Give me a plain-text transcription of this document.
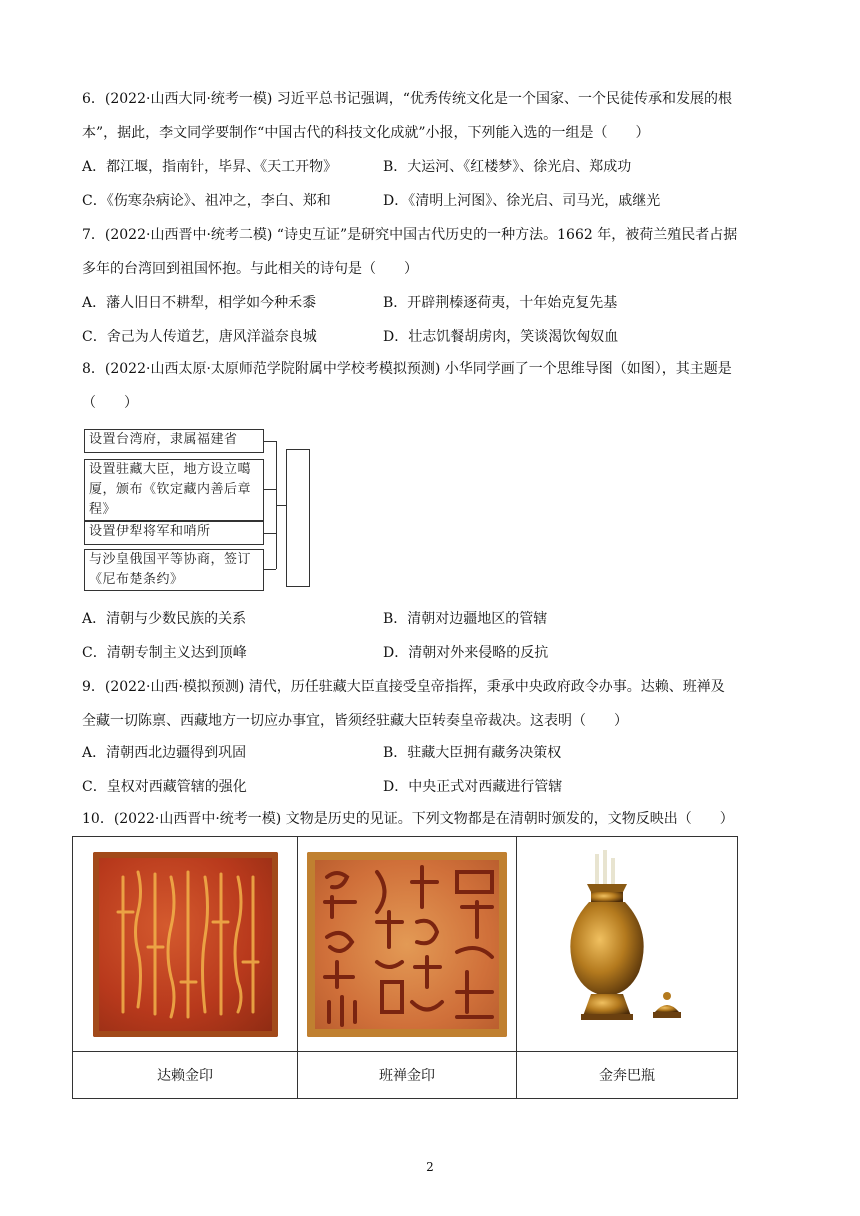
6．(2022·山西大同·统考一模) 习近平总书记强调，“优秀传统文化是一个国家、一个民徒传承和发展的根
本”，据此，李文同学要制作“中国古代的科技文化成就”小报，下列能入选的一组是（　　）
A．都江堰，指南针，毕昇、《天工开物》	B．大运河、《红楼梦》、徐光启、郑成功
C．《伤寒杂病论》、祖冲之，李白、郑和	D．《清明上河图》、徐光启、司马光，戚继光
7．(2022·山西晋中·统考二模) “诗史互证”是研究中国古代历史的一种方法。1662 年，被荷兰殖民者占据
多年的台湾回到祖国怀抱。与此相关的诗句是（　　）
A．藩人旧日不耕犁，相学如今种禾黍	B．开辟荆榛逐荷夷，十年始克复先基
C．舍己为人传道艺，唐风洋溢奈良城	D．壮志饥餐胡虏肉，笑谈渴饮匈奴血
8．(2022·山西太原·太原师范学院附属中学校考模拟预测) 小华同学画了一个思维导图（如图），其主题是
（　　）
设置台湾府，隶属福建省
设置驻藏大臣，地方设立噶厦，颁布《钦定藏内善后章程》
设置伊犁将军和哨所
与沙皇俄国平等协商，签订《尼布楚条约》
A．清朝与少数民族的关系	B．清朝对边疆地区的管辖
C．清朝专制主义达到顶峰	D．清朝对外来侵略的反抗
9．(2022·山西·模拟预测) 清代，历任驻藏大臣直接受皇帝指挥，秉承中央政府政令办事。达赖、班禅及
全藏一切陈禀、西藏地方一切应办事宜，皆须经驻藏大臣转奏皇帝裁决。这表明（　　）
A．清朝西北边疆得到巩固	B．驻藏大臣拥有藏务决策权
C．皇权对西藏管辖的强化	D．中央正式对西藏进行管辖
10．(2022·山西晋中·统考一模) 文物是历史的见证。下列文物都是在清朝时颁发的，文物反映出（　　）

达赖金印	班禅金印	金奔巴瓶
2
